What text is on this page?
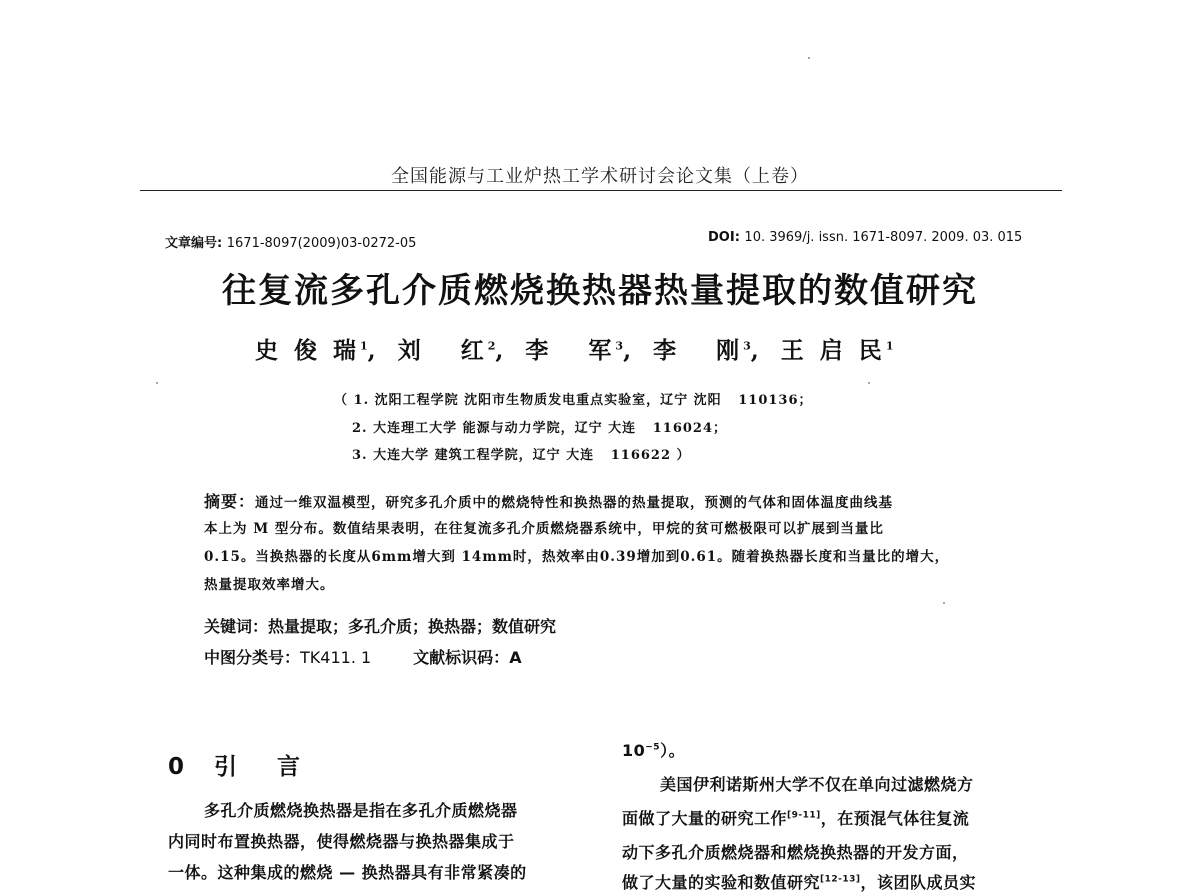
全国能源与工业炉热工学术研讨会论文集（上卷）
文章编号: 1671-8097(2009)03-0272-05	DOI: 10. 3969/j. issn. 1671-8097. 2009. 03. 015
往复流多孔介质燃烧换热器热量提取的数值研究
史 俊 瑞$^1$, 刘   红$^2$, 李   军$^3$, 李   刚$^3$, 王 启 民$^1$
（ 1. 沈阳工程学院 沈阳市生物质发电重点实验室，辽宁 沈阳   110136；
2. 大连理工大学 能源与动力学院，辽宁 大连   116024；
3. 大连大学 建筑工程学院，辽宁 大连   116622 ）
摘要：通过一维双温模型，研究多孔介质中的燃烧特性和换热器的热量提取，预测的气体和固体温度曲线基
本上为 M 型分布。数值结果表明，在往复流多孔介质燃烧器系统中，甲烷的贫可燃极限可以扩展到当量比
0.15。当换热器的长度从6mm增大到 14mm时，热效率由0.39增加到0.61。随着换热器长度和当量比的增大，
热量提取效率增大。
关键词：热量提取；多孔介质；换热器；数值研究
中图分类号：TK411. 1	文献标识码：A
0 引 言
多孔介质燃烧换热器是指在多孔介质燃烧器
内同时布置换热器，使得燃烧器与换热器集成于
一体。这种集成的燃烧 — 换热器具有非常紧凑的
$10^{-5}$）。
美国伊利诺斯州大学不仅在单向过滤燃烧方
面做了大量的研究工作[9-11]，在预混气体往复流
动下多孔介质燃烧器和燃烧换热器的开发方面，
做了大量的实验和数值研究[12-13]，该团队成员实
